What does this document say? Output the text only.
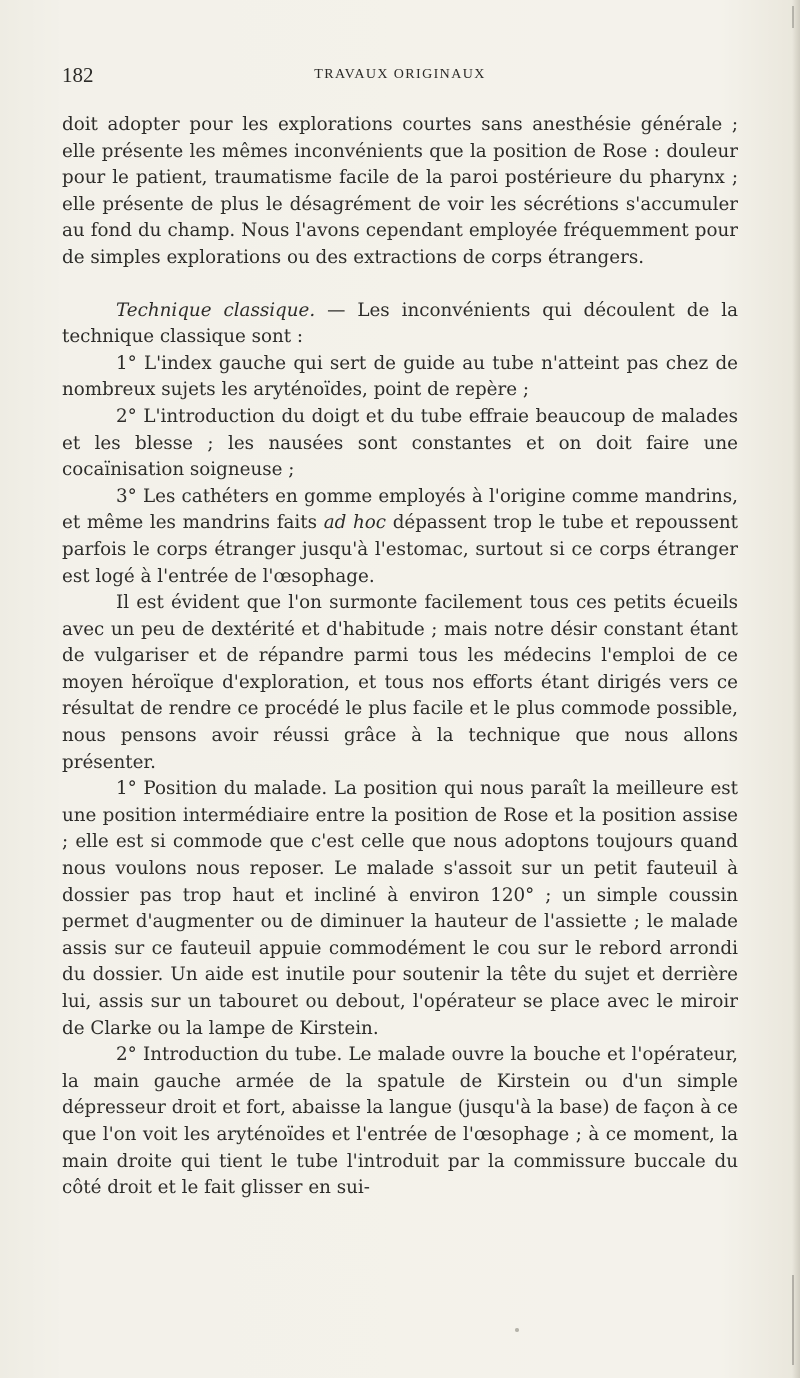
182	TRAVAUX ORIGINAUX

doit adopter pour les explorations courtes sans anesthésie générale ; elle présente les mêmes inconvénients que la position de Rose : douleur pour le patient, traumatisme facile de la paroi postérieure du pharynx ; elle présente de plus le désagrément de voir les sécrétions s'accumuler au fond du champ. Nous l'avons cependant employée fréquemment pour de simples explorations ou des extractions de corps étrangers.

Technique classique. — Les inconvénients qui découlent de la technique classique sont :

1° L'index gauche qui sert de guide au tube n'atteint pas chez de nombreux sujets les aryténoïdes, point de repère ;

2° L'introduction du doigt et du tube effraie beaucoup de malades et les blesse ; les nausées sont constantes et on doit faire une cocaïnisation soigneuse ;

3° Les cathéters en gomme employés à l'origine comme mandrins, et même les mandrins faits ad hoc dépassent trop le tube et repoussent parfois le corps étranger jusqu'à l'estomac, surtout si ce corps étranger est logé à l'entrée de l'œsophage.

Il est évident que l'on surmonte facilement tous ces petits écueils avec un peu de dextérité et d'habitude ; mais notre désir constant étant de vulgariser et de répandre parmi tous les médecins l'emploi de ce moyen héroïque d'exploration, et tous nos efforts étant dirigés vers ce résultat de rendre ce procédé le plus facile et le plus commode possible, nous pensons avoir réussi grâce à la technique que nous allons présenter.

1° Position du malade. La position qui nous paraît la meilleure est une position intermédiaire entre la position de Rose et la position assise ; elle est si commode que c'est celle que nous adoptons toujours quand nous voulons nous reposer. Le malade s'assoit sur un petit fauteuil à dossier pas trop haut et incliné à environ 120° ; un simple coussin permet d'augmenter ou de diminuer la hauteur de l'assiette ; le malade assis sur ce fauteuil appuie commodément le cou sur le rebord arrondi du dossier. Un aide est inutile pour soutenir la tête du sujet et derrière lui, assis sur un tabouret ou debout, l'opérateur se place avec le miroir de Clarke ou la lampe de Kirstein.

2° Introduction du tube. Le malade ouvre la bouche et l'opérateur, la main gauche armée de la spatule de Kirstein ou d'un simple dépresseur droit et fort, abaisse la langue (jusqu'à la base) de façon à ce que l'on voit les aryténoïdes et l'entrée de l'œsophage ; à ce moment, la main droite qui tient le tube l'introduit par la commissure buccale du côté droit et le fait glisser en sui-
